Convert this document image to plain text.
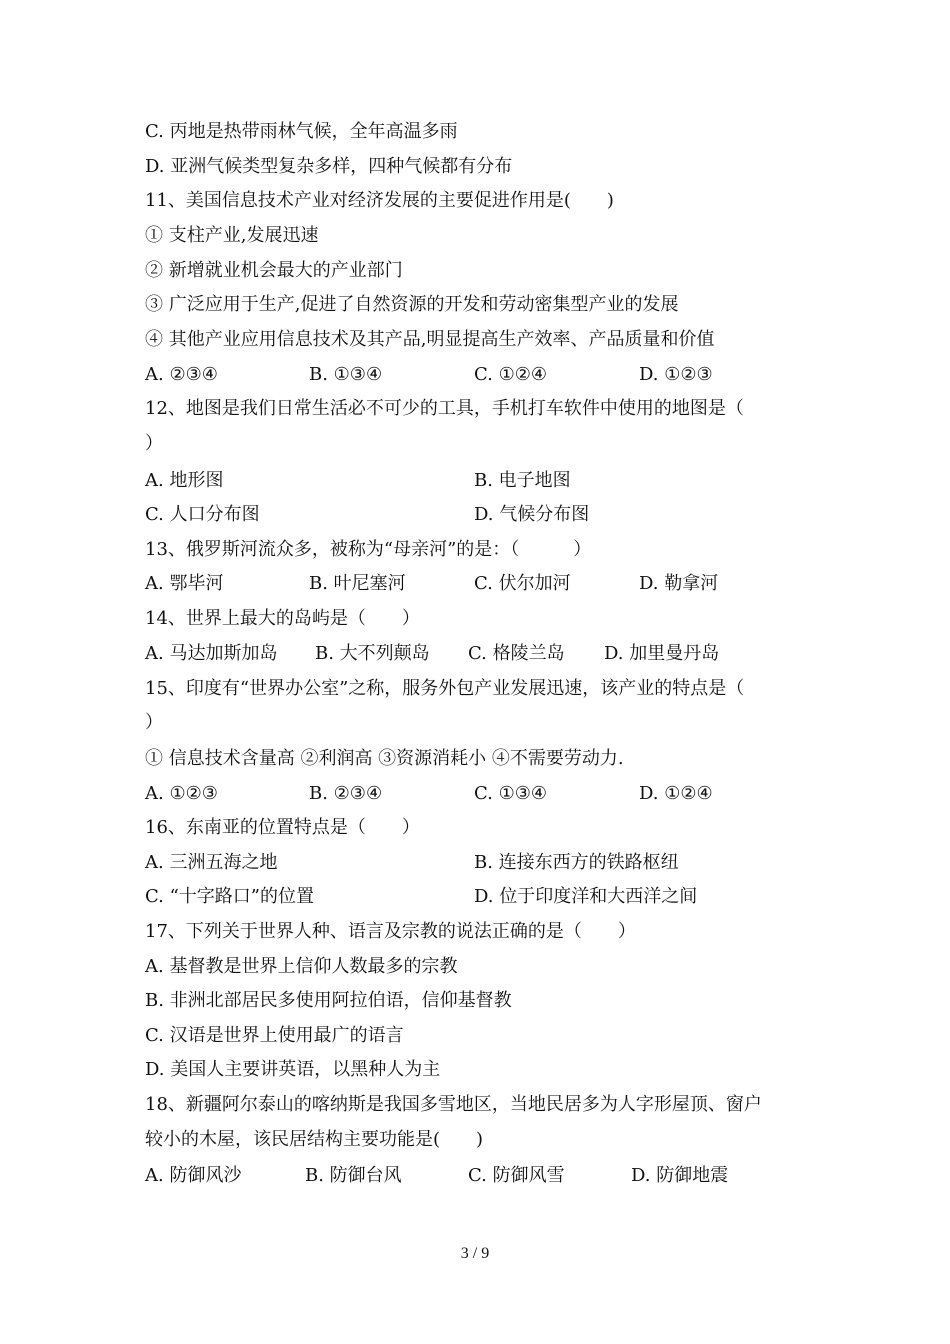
C. 丙地是热带雨林气候，全年高温多雨
D. 亚洲气候类型复杂多样，四种气候都有分布
11、美国信息技术产业对经济发展的主要促进作用是(　　)
① 支柱产业,发展迅速
② 新增就业机会最大的产业部门
③ 广泛应用于生产,促进了自然资源的开发和劳动密集型产业的发展
④ 其他产业应用信息技术及其产品,明显提高生产效率、产品质量和价值
A. ②③④	B. ①③④	C. ①②④	D. ①②③
12、地图是我们日常生活必不可少的工具，手机打车软件中使用的地图是（
）
A. 地形图	B. 电子地图
C. 人口分布图	D. 气候分布图
13、俄罗斯河流众多，被称为“母亲河”的是：（　　　）
A. 鄂毕河	B. 叶尼塞河	C. 伏尔加河	D. 勒拿河
14、世界上最大的岛屿是（　　）
A. 马达加斯加岛 B. 大不列颠岛 C. 格陵兰岛 D. 加里曼丹岛
15、印度有“世界办公室”之称，服务外包产业发展迅速，该产业的特点是（
）
① 信息技术含量高 ②利润高 ③资源消耗小 ④不需要劳动力.
A. ①②③	B. ②③④	C. ①③④	D. ①②④
16、东南亚的位置特点是（　　）
A. 三洲五海之地	B. 连接东西方的铁路枢纽
C. “十字路口”的位置	D. 位于印度洋和大西洋之间
17、下列关于世界人种、语言及宗教的说法正确的是（　　）
A. 基督教是世界上信仰人数最多的宗教
B. 非洲北部居民多使用阿拉伯语，信仰基督教
C. 汉语是世界上使用最广的语言
D. 美国人主要讲英语，以黑种人为主
18、新疆阿尔泰山的喀纳斯是我国多雪地区，当地民居多为人字形屋顶、窗户
较小的木屋，该民居结构主要功能是(　　)
A. 防御风沙	B. 防御台风	C. 防御风雪	D. 防御地震
3 / 9
